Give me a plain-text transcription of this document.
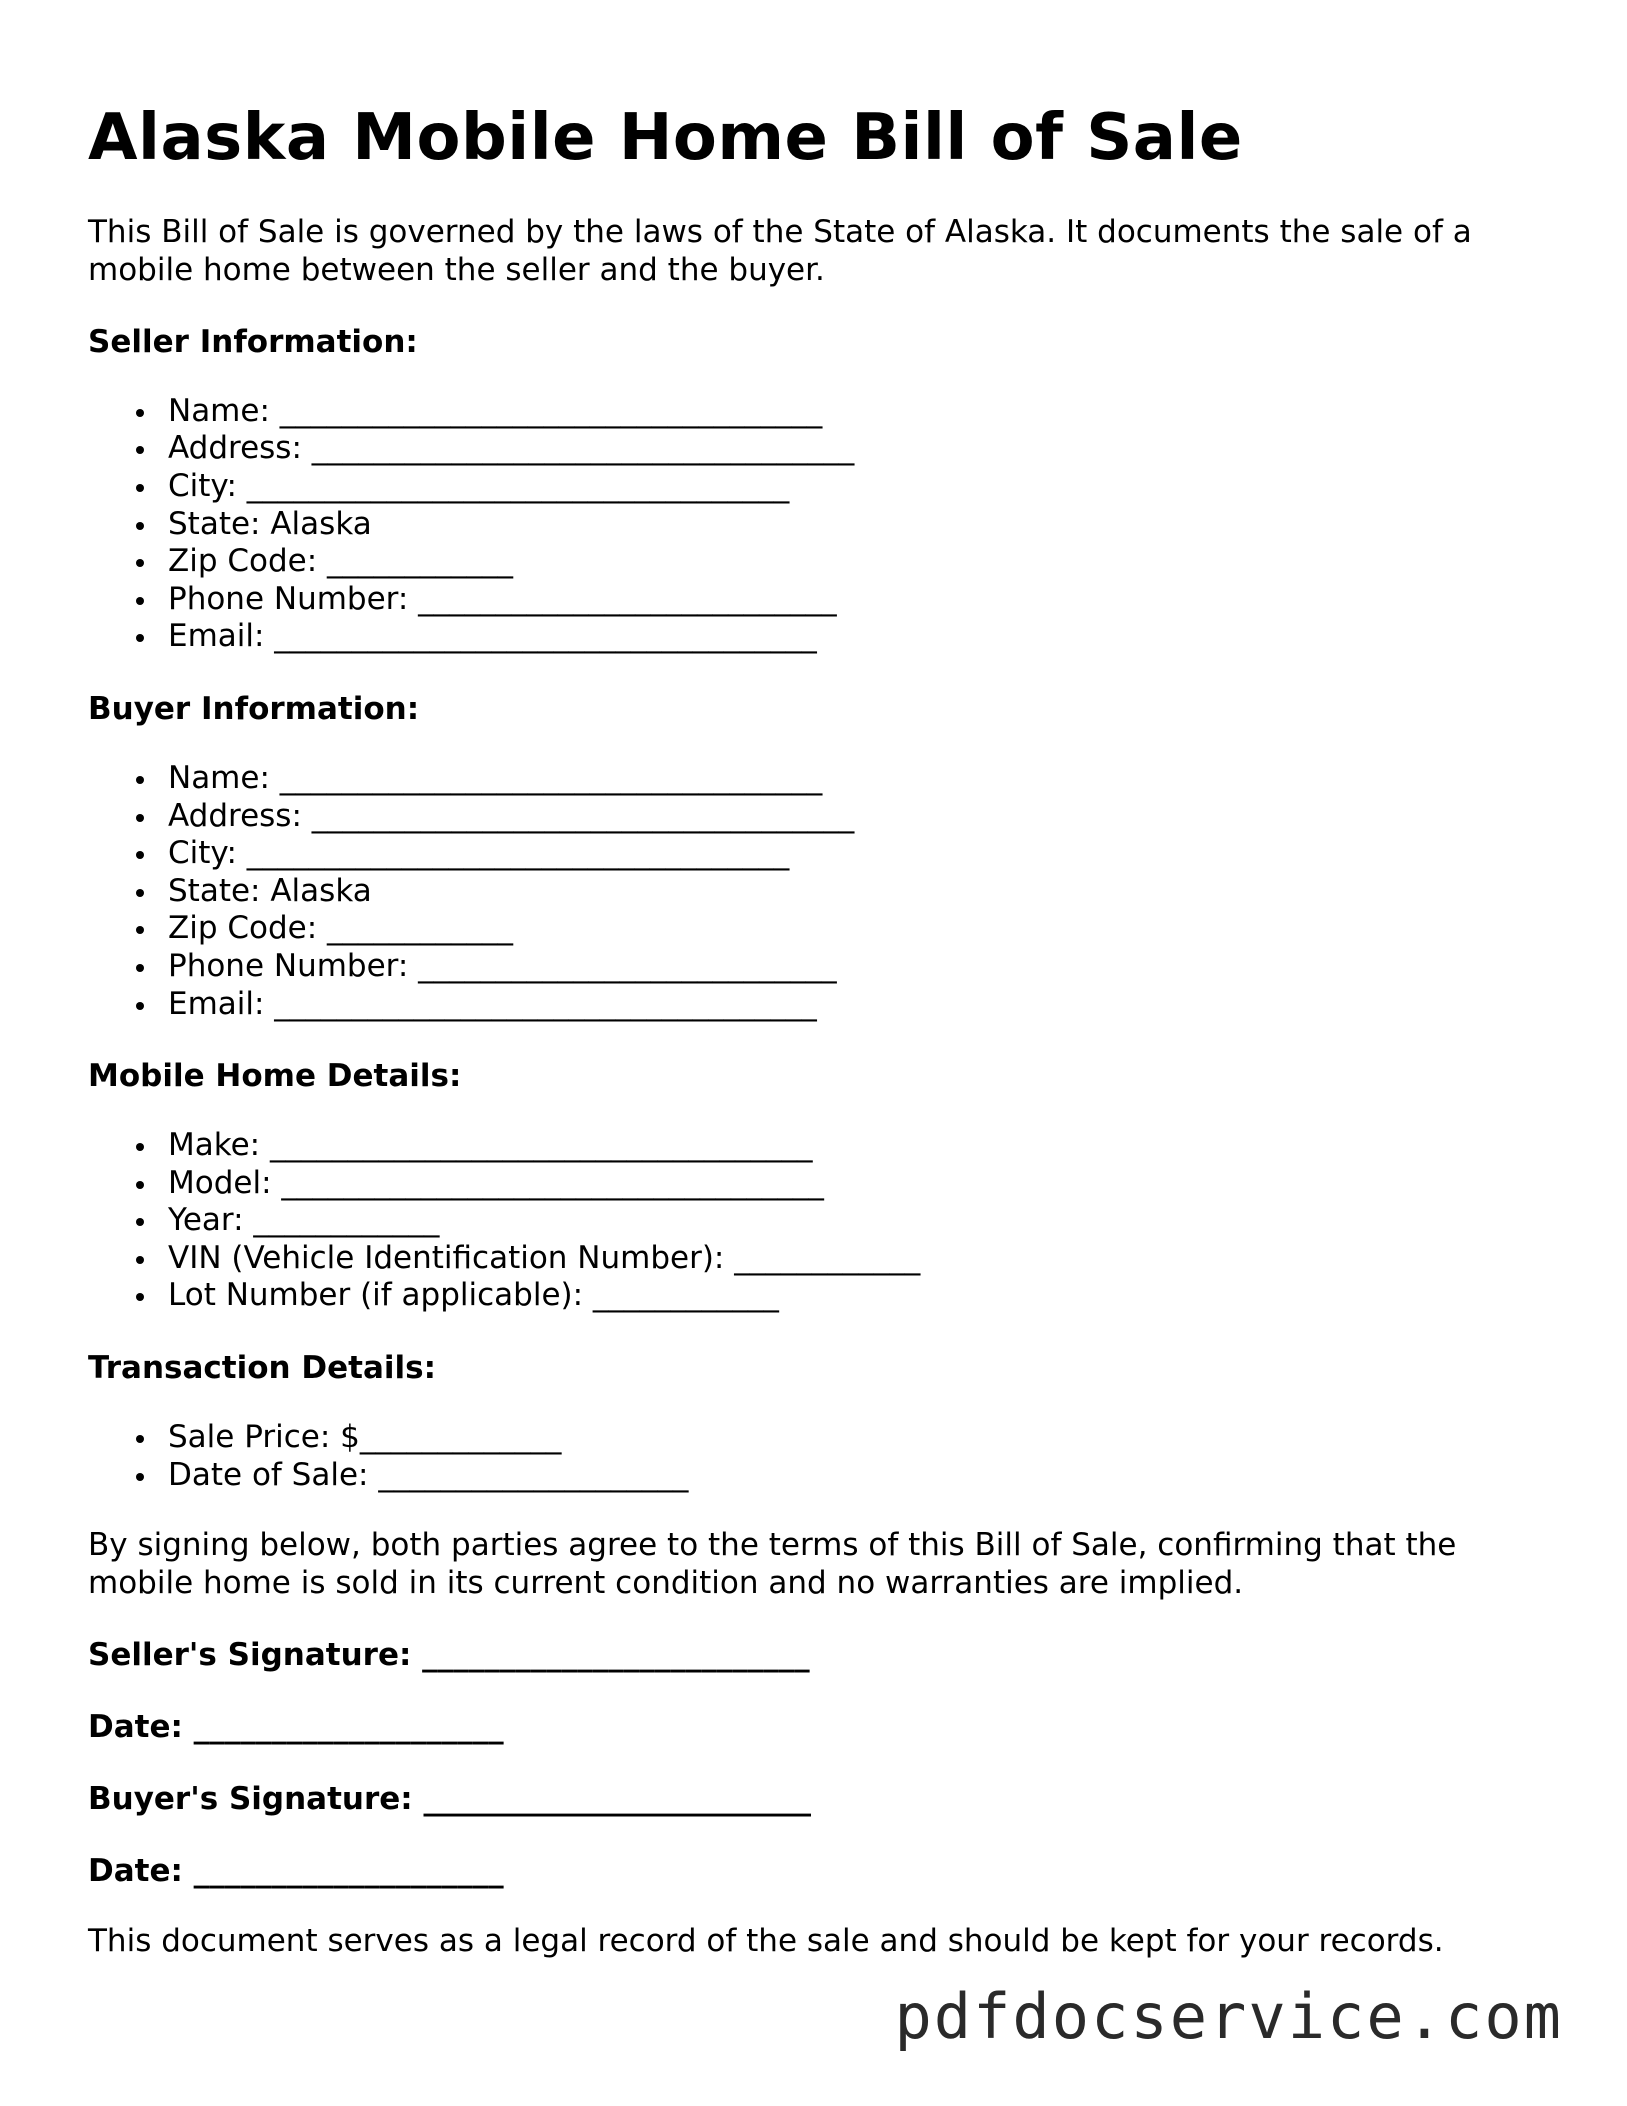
Alaska Mobile Home Bill of Sale

This Bill of Sale is governed by the laws of the State of Alaska. It documents the sale of a mobile home between the seller and the buyer.

Seller Information:
Name: ___________________________________
Address: ___________________________________
City: ___________________________________
State: Alaska
Zip Code: ____________
Phone Number: ___________________________
Email: ___________________________________
Buyer Information:
Name: ___________________________________
Address: ___________________________________
City: ___________________________________
State: Alaska
Zip Code: ____________
Phone Number: ___________________________
Email: ___________________________________
Mobile Home Details:
Make: ___________________________________
Model: ___________________________________
Year: ____________
VIN (Vehicle Identification Number): ____________
Lot Number (if applicable): ____________
Transaction Details:
Sale Price: $_____________
Date of Sale: ____________________

By signing below, both parties agree to the terms of this Bill of Sale, confirming that the mobile home is sold in its current condition and no warranties are implied.

Seller's Signature: _________________________
Date: ____________________
Buyer's Signature: _________________________
Date: ____________________

This document serves as a legal record of the sale and should be kept for your records.

pdfdocservice.com
